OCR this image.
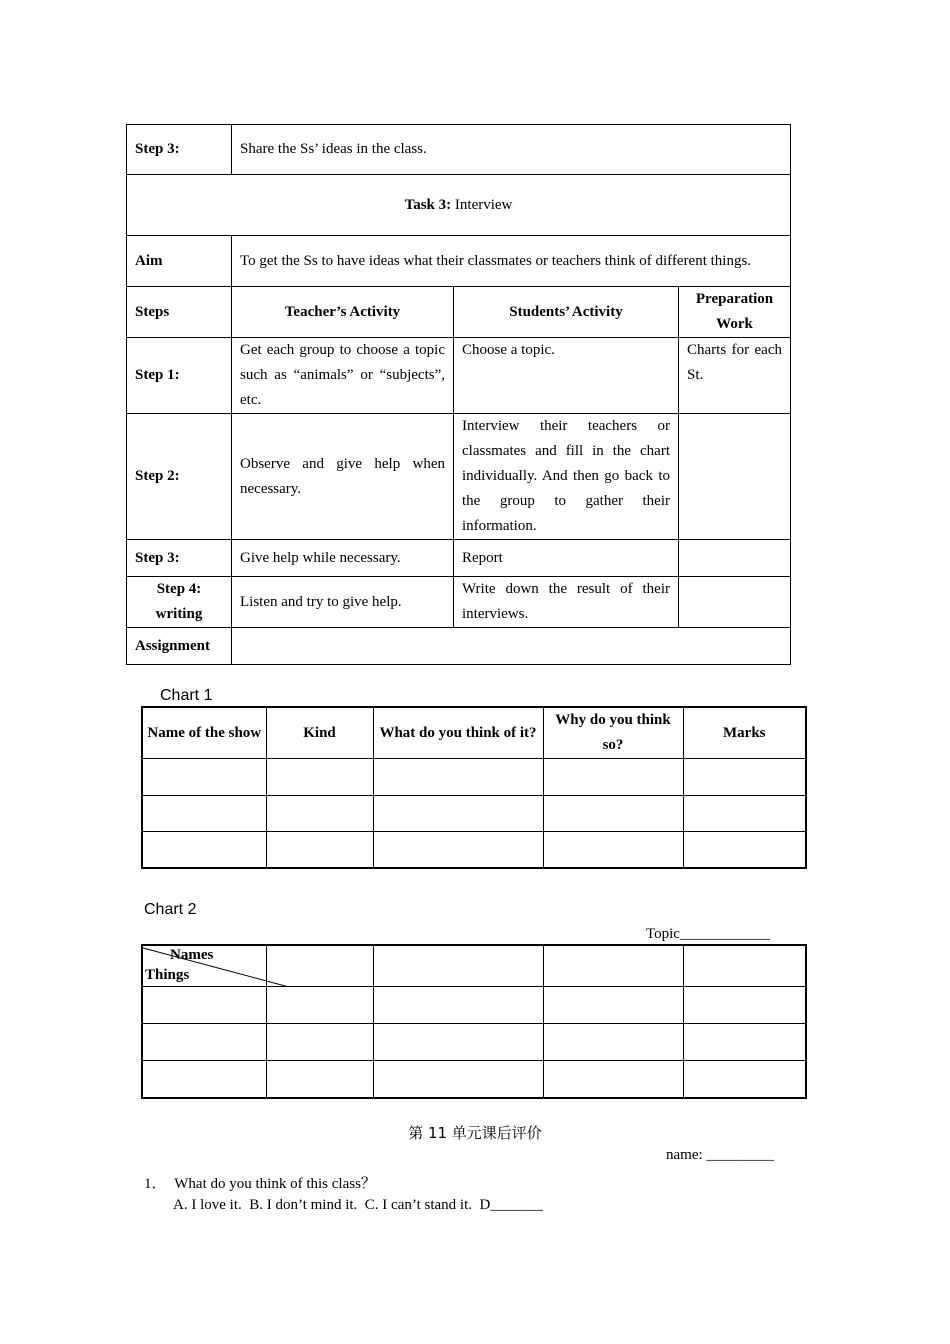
Step 3:	Share the Ss’ ideas in the class.		
Task 3: Interview			
Aim	To get the Ss to have ideas what their classmates or teachers think of different things.		
Steps	Teacher’s Activity	Students’ Activity	Preparation Work
Step 1:	Get each group to choose a topic such as “animals” or “subjects”, etc.	Choose a topic.	Charts for each St.
Step 2:	Observe and give help when necessary.	Interview their teachers or classmates and fill in the chart individually. And then go back to the group to gather their information.	
Step 3:	Give help while necessary.	Report	
Step 4: writing	Listen and try to give help.	Write down the result of their interviews.	
Assignment			
Chart 1
Name of the show	Kind	What do you think of it?	Why do you think so?	Marks

Chart 2
Topic____________
Names
Things				

第 11 单元课后评价
name: _________
1． What do you think of this class？
A. I love it.  B. I don’t mind it.  C. I can’t stand it.  D_______
